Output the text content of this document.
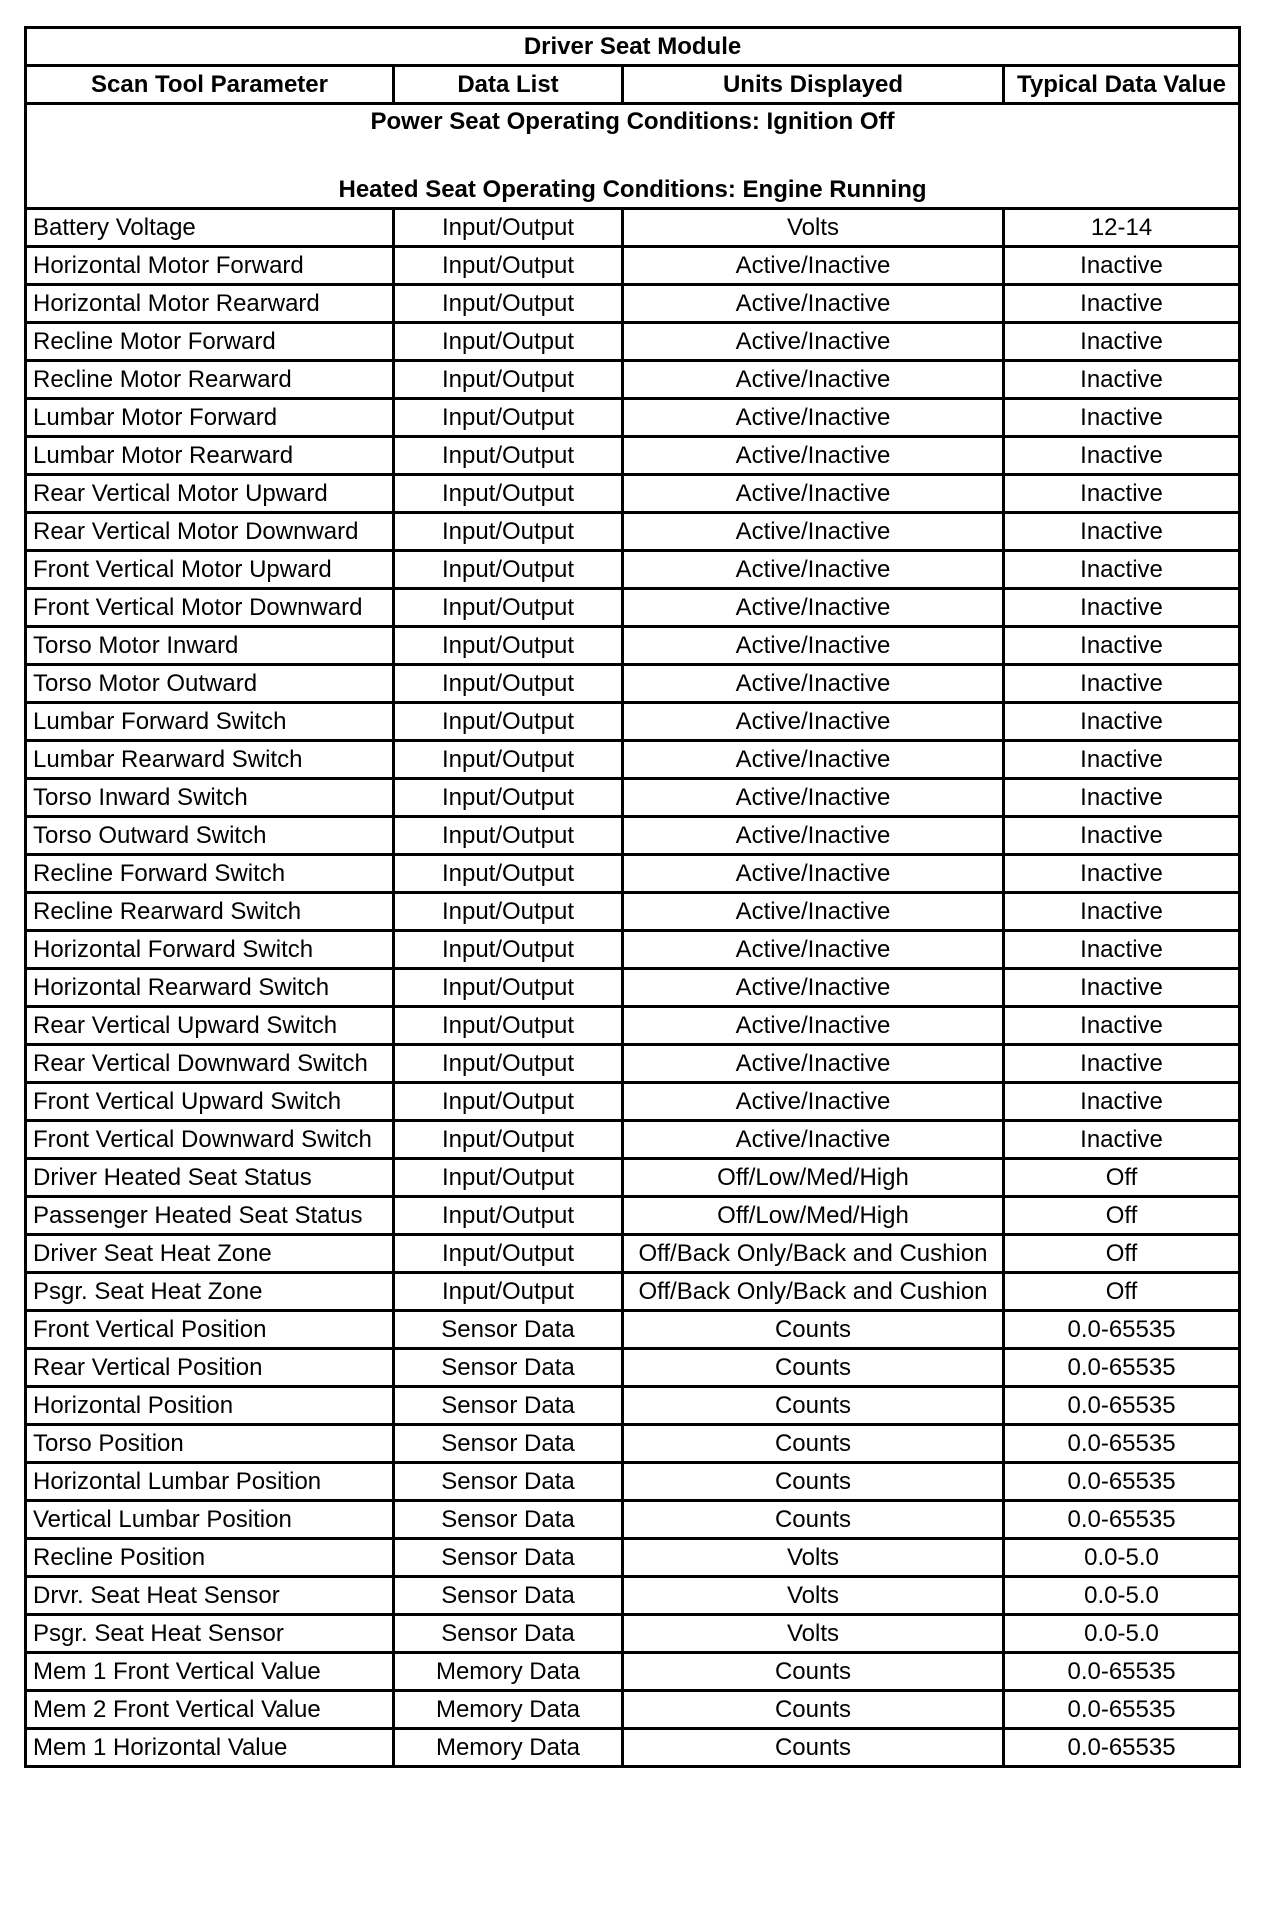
Driver Seat Module			
Scan Tool Parameter	Data List	Units Displayed	Typical Data Value

Power Seat Operating Conditions: Ignition Off
Heated Seat Operating Conditions: Engine Running			

Battery Voltage	Input/Output	Volts	12-14
Horizontal Motor Forward	Input/Output	Active/Inactive	Inactive
Horizontal Motor Rearward	Input/Output	Active/Inactive	Inactive
Recline Motor Forward	Input/Output	Active/Inactive	Inactive
Recline Motor Rearward	Input/Output	Active/Inactive	Inactive
Lumbar Motor Forward	Input/Output	Active/Inactive	Inactive
Lumbar Motor Rearward	Input/Output	Active/Inactive	Inactive
Rear Vertical Motor Upward	Input/Output	Active/Inactive	Inactive
Rear Vertical Motor Downward	Input/Output	Active/Inactive	Inactive
Front Vertical Motor Upward	Input/Output	Active/Inactive	Inactive
Front Vertical Motor Downward	Input/Output	Active/Inactive	Inactive
Torso Motor Inward	Input/Output	Active/Inactive	Inactive
Torso Motor Outward	Input/Output	Active/Inactive	Inactive
Lumbar Forward Switch	Input/Output	Active/Inactive	Inactive
Lumbar Rearward Switch	Input/Output	Active/Inactive	Inactive
Torso Inward Switch	Input/Output	Active/Inactive	Inactive
Torso Outward Switch	Input/Output	Active/Inactive	Inactive
Recline Forward Switch	Input/Output	Active/Inactive	Inactive
Recline Rearward Switch	Input/Output	Active/Inactive	Inactive
Horizontal Forward Switch	Input/Output	Active/Inactive	Inactive
Horizontal Rearward Switch	Input/Output	Active/Inactive	Inactive
Rear Vertical Upward Switch	Input/Output	Active/Inactive	Inactive
Rear Vertical Downward Switch	Input/Output	Active/Inactive	Inactive
Front Vertical Upward Switch	Input/Output	Active/Inactive	Inactive
Front Vertical Downward Switch	Input/Output	Active/Inactive	Inactive
Driver Heated Seat Status	Input/Output	Off/Low/Med/High	Off
Passenger Heated Seat Status	Input/Output	Off/Low/Med/High	Off
Driver Seat Heat Zone	Input/Output	Off/Back Only/Back and Cushion	Off
Psgr. Seat Heat Zone	Input/Output	Off/Back Only/Back and Cushion	Off
Front Vertical Position	Sensor Data	Counts	0.0-65535
Rear Vertical Position	Sensor Data	Counts	0.0-65535
Horizontal Position	Sensor Data	Counts	0.0-65535
Torso Position	Sensor Data	Counts	0.0-65535
Horizontal Lumbar Position	Sensor Data	Counts	0.0-65535
Vertical Lumbar Position	Sensor Data	Counts	0.0-65535
Recline Position	Sensor Data	Volts	0.0-5.0
Drvr. Seat Heat Sensor	Sensor Data	Volts	0.0-5.0
Psgr. Seat Heat Sensor	Sensor Data	Volts	0.0-5.0
Mem 1 Front Vertical Value	Memory Data	Counts	0.0-65535
Mem 2 Front Vertical Value	Memory Data	Counts	0.0-65535
Mem 1 Horizontal Value	Memory Data	Counts	0.0-65535
